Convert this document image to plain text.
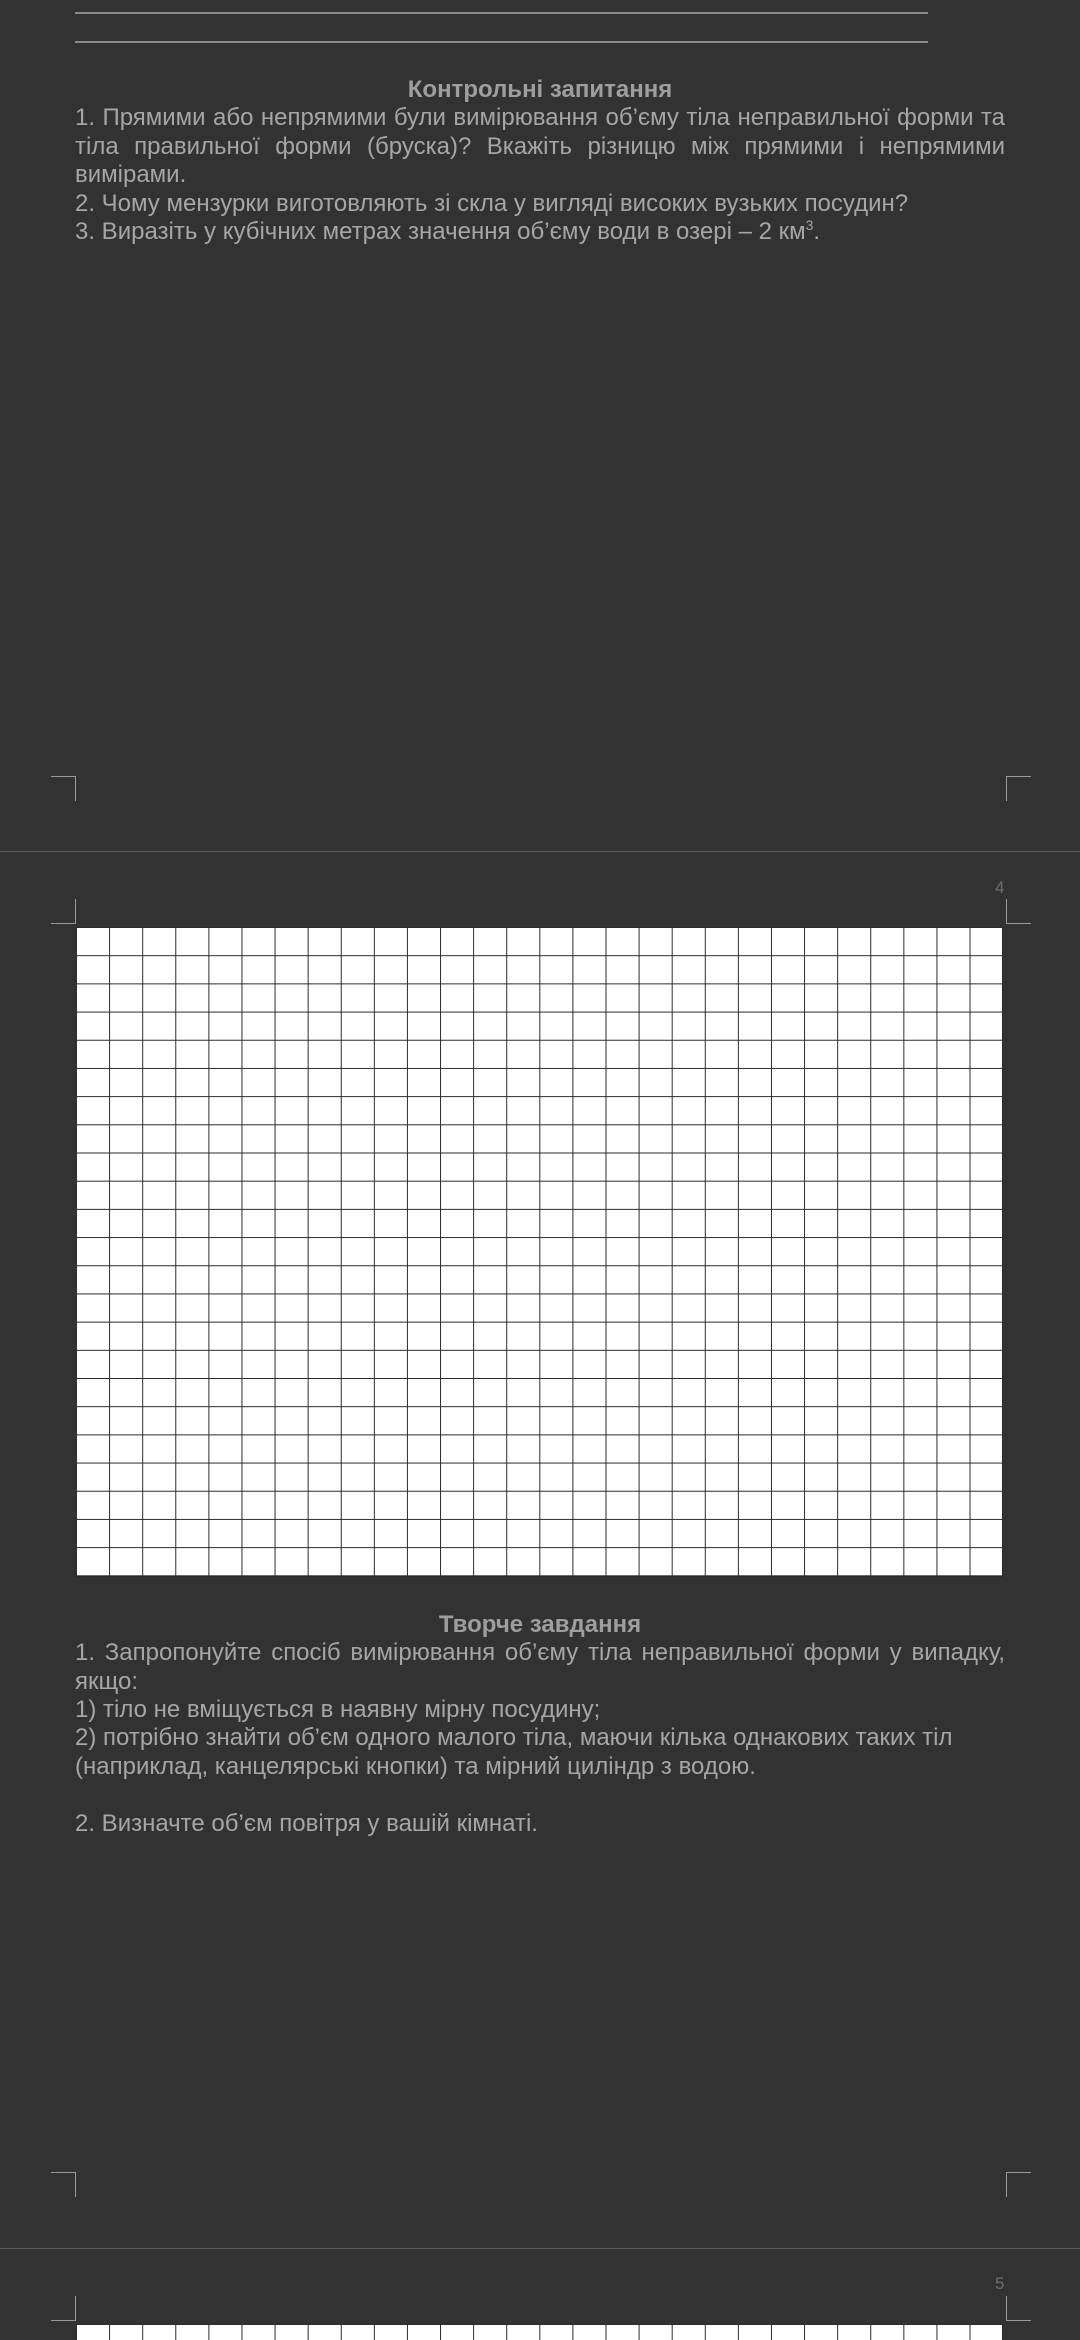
Контрольні запитання

1. Прямими або непрямими були вимірювання об’єму тіла неправильної форми та тіла правильної форми (бруска)? Вкажіть різницю між прямими і непрямими вимірами.

2. Чому мензурки виготовляють зі скла у вигляді високих вузьких посудин?

3. Виразіть у кубічних метрах значення об’єму води в озері – 2 $км^3$.

4
Творче завдання

1. Запропонуйте спосіб вимірювання об’єму тіла неправильної форми у випадку, якщо:

1) тіло не вміщується в наявну мірну посудину;

2) потрібно знайти об’єм одного малого тіла, маючи кілька однакових таких тіл (наприклад, канцелярські кнопки) та мірний циліндр з водою.

2. Визначте об’єм повітря у вашій кімнаті.

5
